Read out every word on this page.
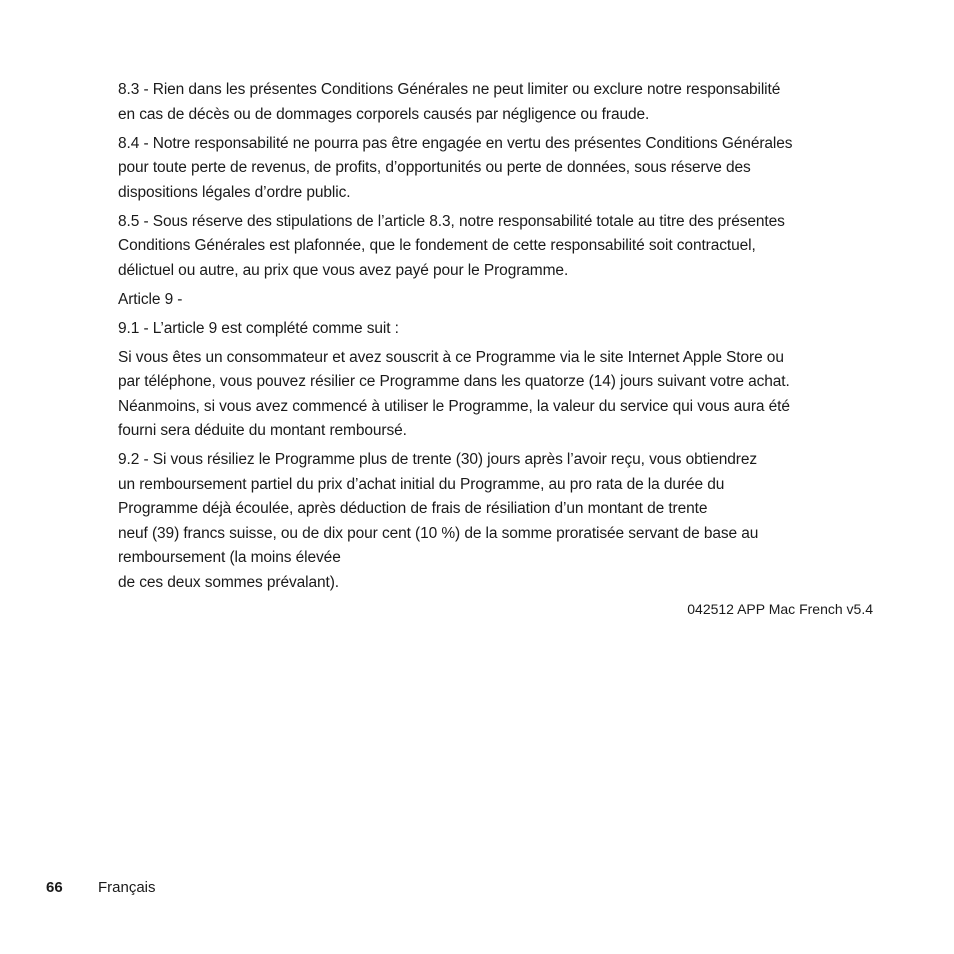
8.3 - Rien dans les présentes Conditions Générales ne peut limiter ou exclure notre responsabilité
en cas de décès ou de dommages corporels causés par négligence ou fraude.

8.4 - Notre responsabilité ne pourra pas être engagée en vertu des présentes Conditions Générales
pour toute perte de revenus, de profits, d’opportunités ou perte de données, sous réserve des
dispositions légales d’ordre public.

8.5 - Sous réserve des stipulations de l’article 8.3, notre responsabilité totale au titre des présentes
Conditions Générales est plafonnée, que le fondement de cette responsabilité soit contractuel,
délictuel ou autre, au prix que vous avez payé pour le Programme.

Article 9 -

9.1 - L’article 9 est complété comme suit :

Si vous êtes un consommateur et avez souscrit à ce Programme via le site Internet Apple Store ou
par téléphone, vous pouvez résilier ce Programme dans les quatorze (14) jours suivant votre achat.
Néanmoins, si vous avez commencé à utiliser le Programme, la valeur du service qui vous aura été
fourni sera déduite du montant remboursé.

9.2 - Si vous résiliez le Programme plus de trente (30) jours après l’avoir reçu, vous obtiendrez
un remboursement partiel du prix d’achat initial du Programme, au pro rata de la durée du
Programme déjà écoulée, après déduction de frais de résiliation d’un montant de trente
neuf (39) francs suisse, ou de dix pour cent (10 %) de la somme proratisée servant de base au
remboursement (la moins élevée
de ces deux sommes prévalant).

042512 APP Mac French v5.4
66 Français
